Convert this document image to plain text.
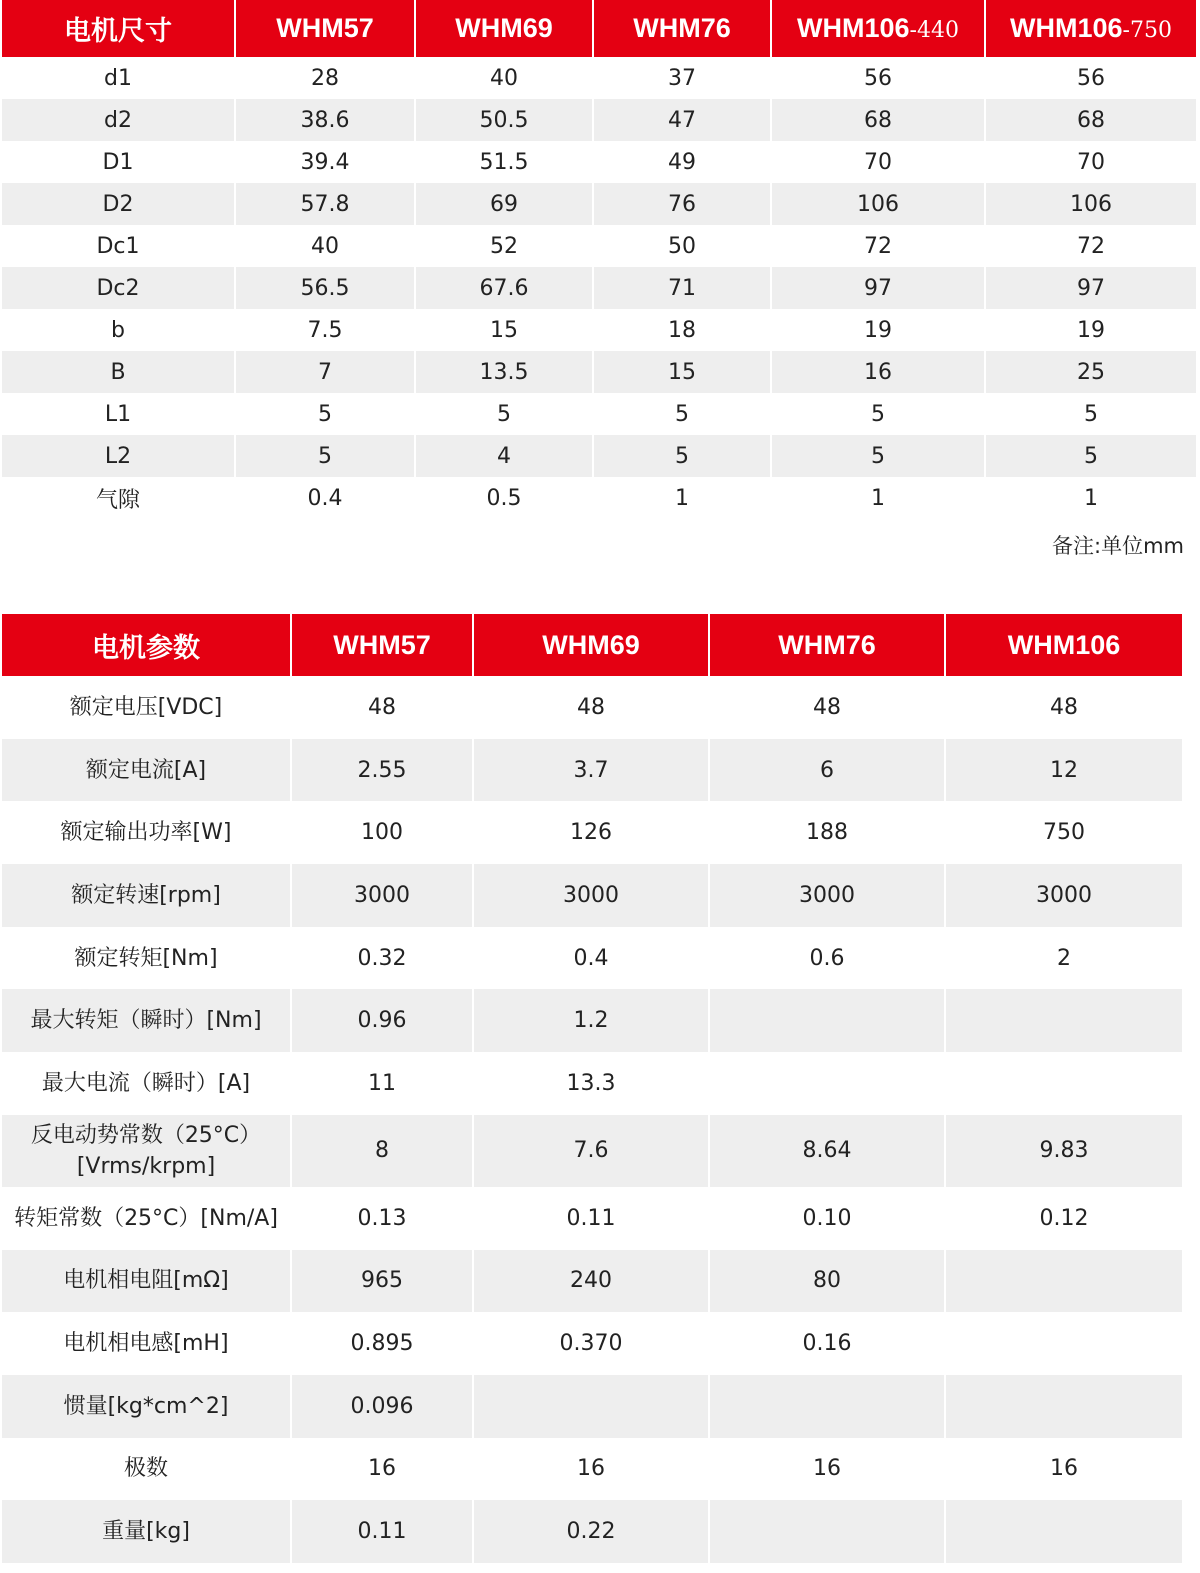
电机尺寸	WHM57	WHM69	WHM76	WHM106-440	WHM106-750
d1	28	40	37	56	56
d2	38.6	50.5	47	68	68
D1	39.4	51.5	49	70	70
D2	57.8	69	76	106	106
Dc1	40	52	50	72	72
Dc2	56.5	67.6	71	97	97
b	7.5	15	18	19	19
B	7	13.5	15	16	25
L1	5	5	5	5	5
L2	5	4	5	5	5
气隙	0.4	0.5	1	1	1
备注:单位mm
电机参数	WHM57	WHM69	WHM76	WHM106
额定电压[VDC]	48	48	48	48
额定电流[A]	2.55	3.7	6	12
额定输出功率[W]	100	126	188	750
额定转速[rpm]	3000	3000	3000	3000
额定转矩[Nm]	0.32	0.4	0.6	2
最大转矩（瞬时）[Nm]	0.96	1.2		
最大电流（瞬时）[A]	11	13.3		
反电动势常数（25°C）[Vrms/krpm]	8	7.6	8.64	9.83
转矩常数（25°C）[Nm/A]	0.13	0.11	0.10	0.12
电机相电阻[mΩ]	965	240	80	
电机相电感[mH]	0.895	0.370	0.16	
惯量[kg*cm^2]	0.096			
极数	16	16	16	16
重量[kg]	0.11	0.22		
